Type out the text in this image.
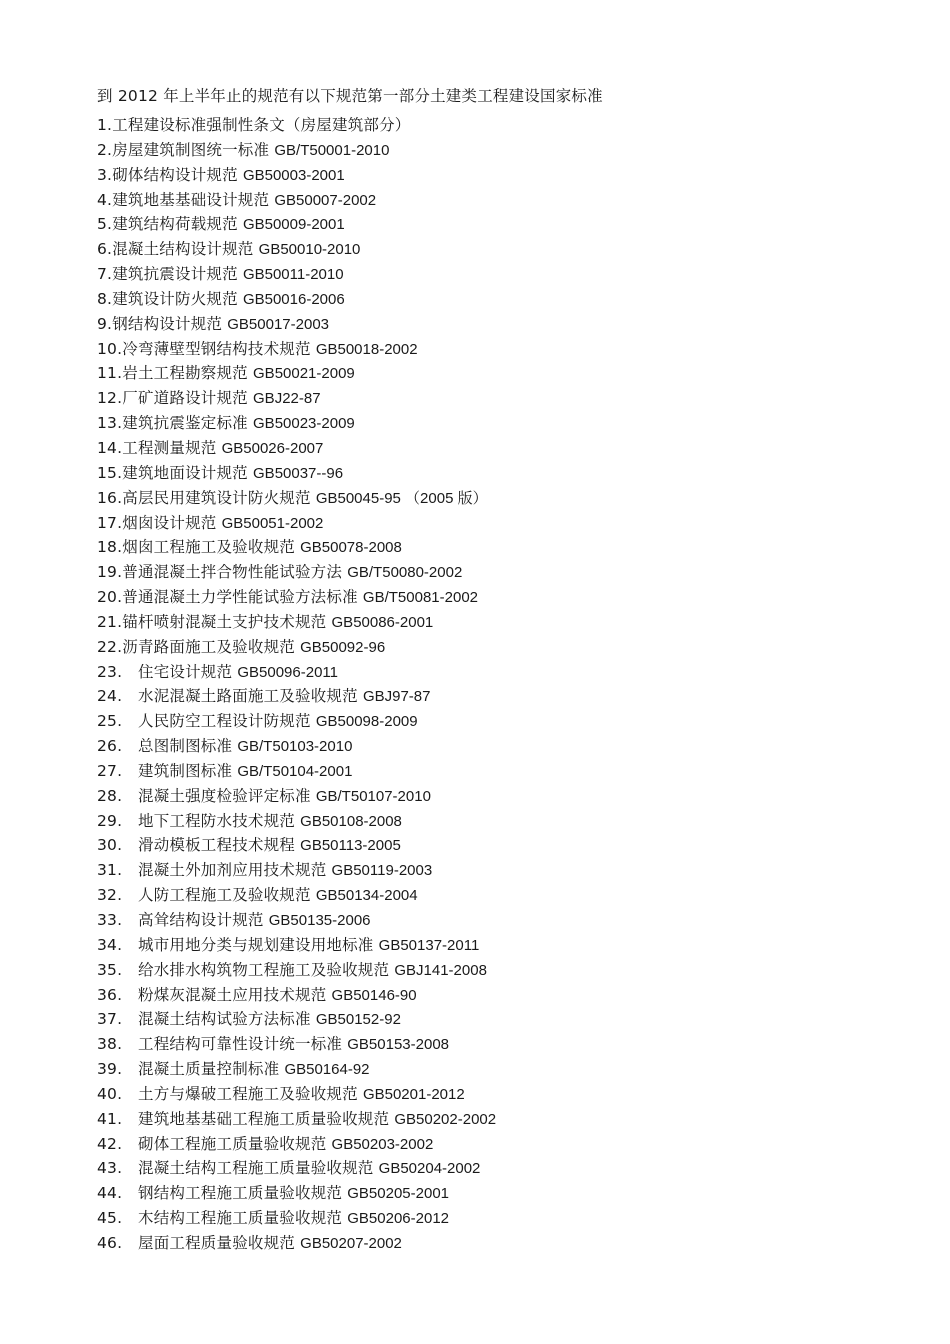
到 2012 年上半年止的规范有以下规范第一部分土建类工程建设国家标准
1.工程建设标准强制性条文（房屋建筑部分）
2.房屋建筑制图统一标准 GB/T50001-2010
3.砌体结构设计规范 GB50003-2001
4.建筑地基基础设计规范 GB50007-2002
5.建筑结构荷载规范 GB50009-2001
6.混凝土结构设计规范 GB50010-2010
7.建筑抗震设计规范 GB50011-2010
8.建筑设计防火规范 GB50016-2006
9.钢结构设计规范 GB50017-2003
10.冷弯薄壁型钢结构技术规范 GB50018-2002
11.岩土工程勘察规范 GB50021-2009
12.厂矿道路设计规范 GBJ22-87
13.建筑抗震鉴定标准 GB50023-2009
14.工程测量规范 GB50026-2007
15.建筑地面设计规范 GB50037--96
16.高层民用建筑设计防火规范 GB50045-95 （2005 版）
17.烟囱设计规范 GB50051-2002
18.烟囱工程施工及验收规范 GB50078-2008
19.普通混凝土拌合物性能试验方法 GB/T50080-2002
20.普通混凝土力学性能试验方法标准 GB/T50081-2002
21.锚杆喷射混凝土支护技术规范 GB50086-2001
22.沥青路面施工及验收规范 GB50092-96
23. 住宅设计规范 GB50096-2011
24. 水泥混凝土路面施工及验收规范 GBJ97-87
25. 人民防空工程设计防规范 GB50098-2009
26. 总图制图标准 GB/T50103-2010
27. 建筑制图标准 GB/T50104-2001
28. 混凝土强度检验评定标准 GB/T50107-2010
29. 地下工程防水技术规范 GB50108-2008
30. 滑动模板工程技术规程 GB50113-2005
31. 混凝土外加剂应用技术规范 GB50119-2003
32. 人防工程施工及验收规范 GB50134-2004
33. 高耸结构设计规范 GB50135-2006
34. 城市用地分类与规划建设用地标准 GB50137-2011
35. 给水排水构筑物工程施工及验收规范 GBJ141-2008
36. 粉煤灰混凝土应用技术规范 GB50146-90
37. 混凝土结构试验方法标准 GB50152-92
38. 工程结构可靠性设计统一标准 GB50153-2008
39. 混凝土质量控制标准 GB50164-92
40. 土方与爆破工程施工及验收规范 GB50201-2012
41. 建筑地基基础工程施工质量验收规范 GB50202-2002
42. 砌体工程施工质量验收规范 GB50203-2002
43. 混凝土结构工程施工质量验收规范 GB50204-2002
44. 钢结构工程施工质量验收规范 GB50205-2001
45. 木结构工程施工质量验收规范 GB50206-2012
46. 屋面工程质量验收规范 GB50207-2002
